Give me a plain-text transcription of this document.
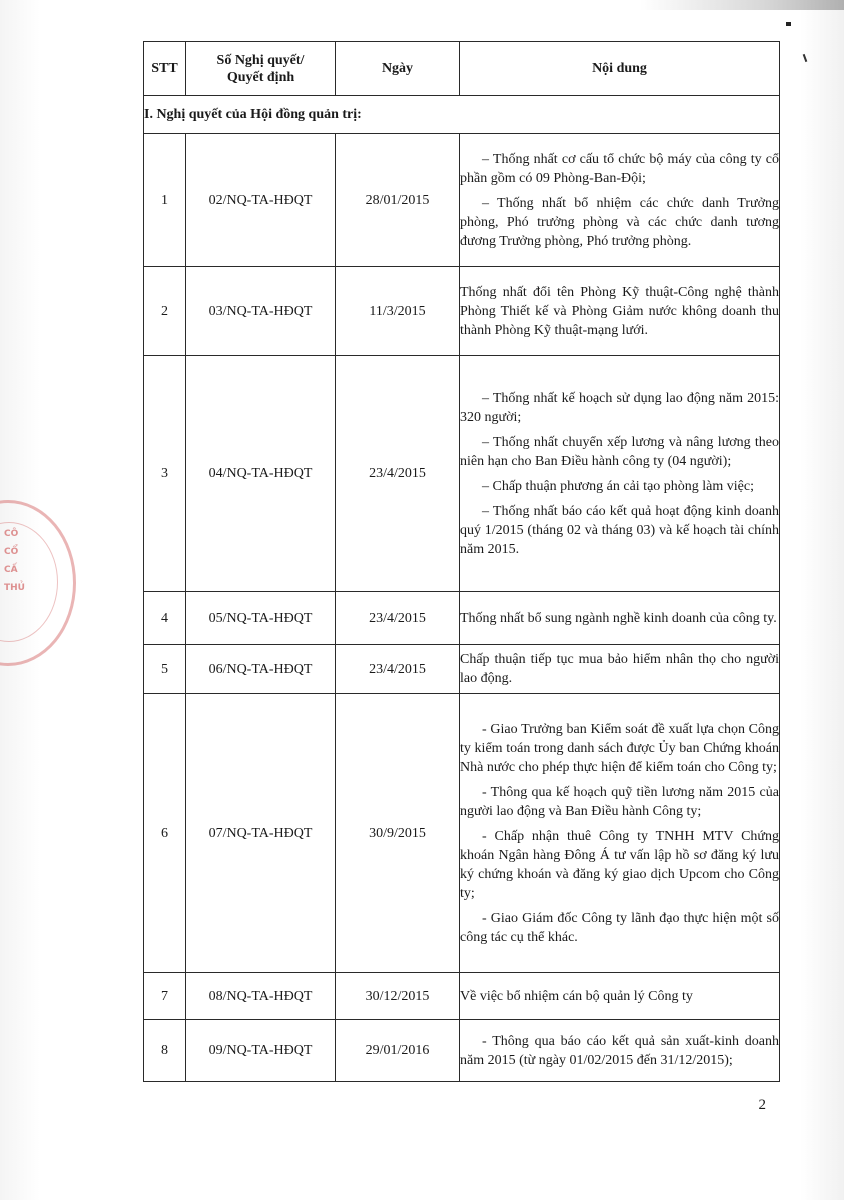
CÔ
CỔ
CẤ
THỦ
STT	Số Nghị quyết/
Quyết định	Ngày	Nội dung
I. Nghị quyết của Hội đồng quản trị:			
1	02/NQ-TA-HĐQT	28/01/2015	– Thống nhất cơ cấu tổ chức bộ máy của công ty cổ phần gồm có 09 Phòng-Ban-Đội;

– Thống nhất bổ nhiệm các chức danh Trưởng phòng, Phó trưởng phòng và các chức danh tương đương Trưởng phòng, Phó trưởng phòng.

2	03/NQ-TA-HĐQT	11/3/2015	Thống nhất đổi tên Phòng Kỹ thuật-Công nghệ thành Phòng Thiết kế và Phòng Giảm nước không doanh thu thành Phòng Kỹ thuật-mạng lưới.

3	04/NQ-TA-HĐQT	23/4/2015	– Thống nhất kế hoạch sử dụng lao động năm 2015: 320 người;

– Thống nhất chuyển xếp lương và nâng lương theo niên hạn cho Ban Điều hành công ty (04 người);

– Chấp thuận phương án cải tạo phòng làm việc;

– Thống nhất báo cáo kết quả hoạt động kinh doanh quý 1/2015 (tháng 02 và tháng 03) và kế hoạch tài chính năm 2015.

4	05/NQ-TA-HĐQT	23/4/2015	Thống nhất bổ sung ngành nghề kinh doanh của công ty.

5	06/NQ-TA-HĐQT	23/4/2015	Chấp thuận tiếp tục mua bảo hiểm nhân thọ cho người lao động.

6	07/NQ-TA-HĐQT	30/9/2015	- Giao Trưởng ban Kiểm soát đề xuất lựa chọn Công ty kiểm toán trong danh sách được Ủy ban Chứng khoán Nhà nước cho phép thực hiện để kiểm toán cho Công ty;

- Thông qua kế hoạch quỹ tiền lương năm 2015 của người lao động và Ban Điều hành Công ty;

- Chấp nhận thuê Công ty TNHH MTV Chứng khoán Ngân hàng Đông Á tư vấn lập hồ sơ đăng ký lưu ký chứng khoán và đăng ký giao dịch Upcom cho Công ty;

- Giao Giám đốc Công ty lãnh đạo thực hiện một số công tác cụ thể khác.

7	08/NQ-TA-HĐQT	30/12/2015	Về việc bổ nhiệm cán bộ quản lý Công ty

8	09/NQ-TA-HĐQT	29/01/2016	- Thông qua báo cáo kết quả sản xuất-kinh doanh năm 2015 (từ ngày 01/02/2015 đến 31/12/2015);

2
